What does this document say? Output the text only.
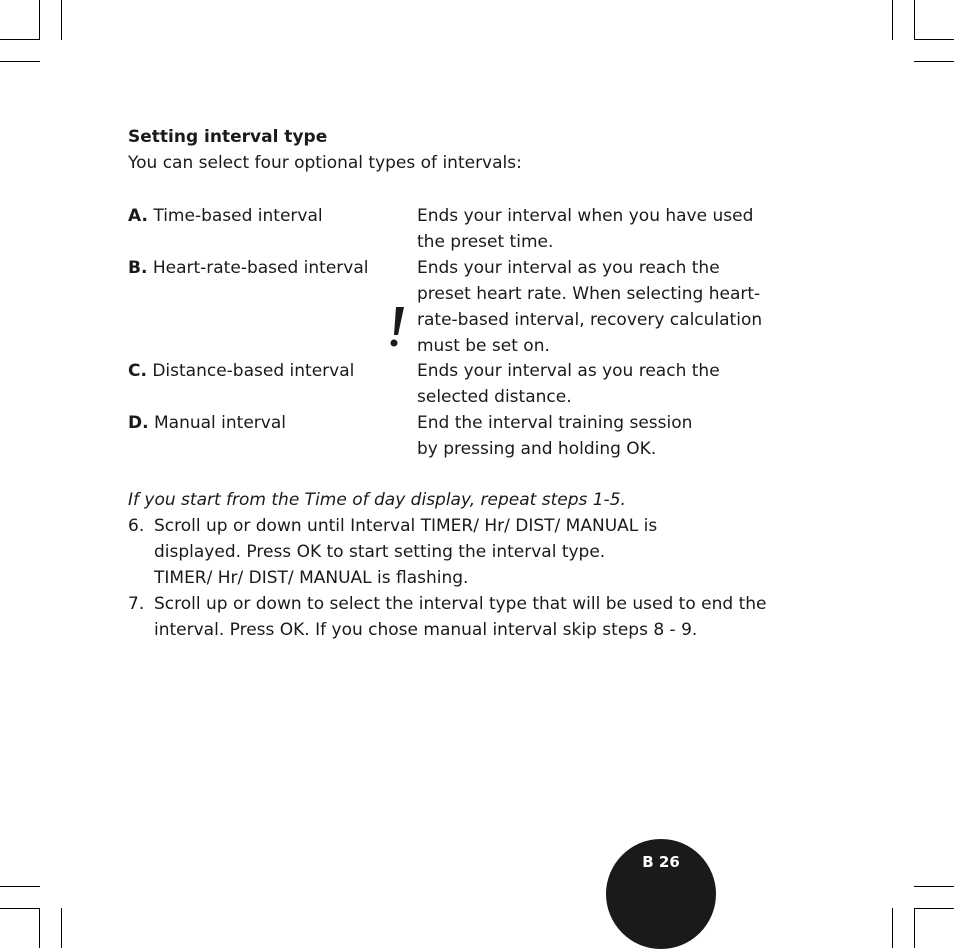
Setting interval type
You can select four optional types of intervals:
A. Time-based interval	Ends your interval when you have used
the preset time.
B. Heart-rate-based interval	Ends your interval as you reach the
preset heart rate. When selecting heart-
rate-based interval, recovery calculation
must be set on.
C. Distance-based interval	Ends your interval as you reach the
selected distance.
D. Manual interval	End the interval training session
by pressing and holding OK.
If you start from the Time of day display, repeat steps 1-5.
6. Scroll up or down until Interval TIMER/ Hr/ DIST/ MANUAL is
displayed. Press OK to start setting the interval type.
TIMER/ Hr/ DIST/ MANUAL is flashing.
7. Scroll up or down to select the interval type that will be used to end the
interval. Press OK. If you chose manual interval skip steps 8 - 9.
B 26
